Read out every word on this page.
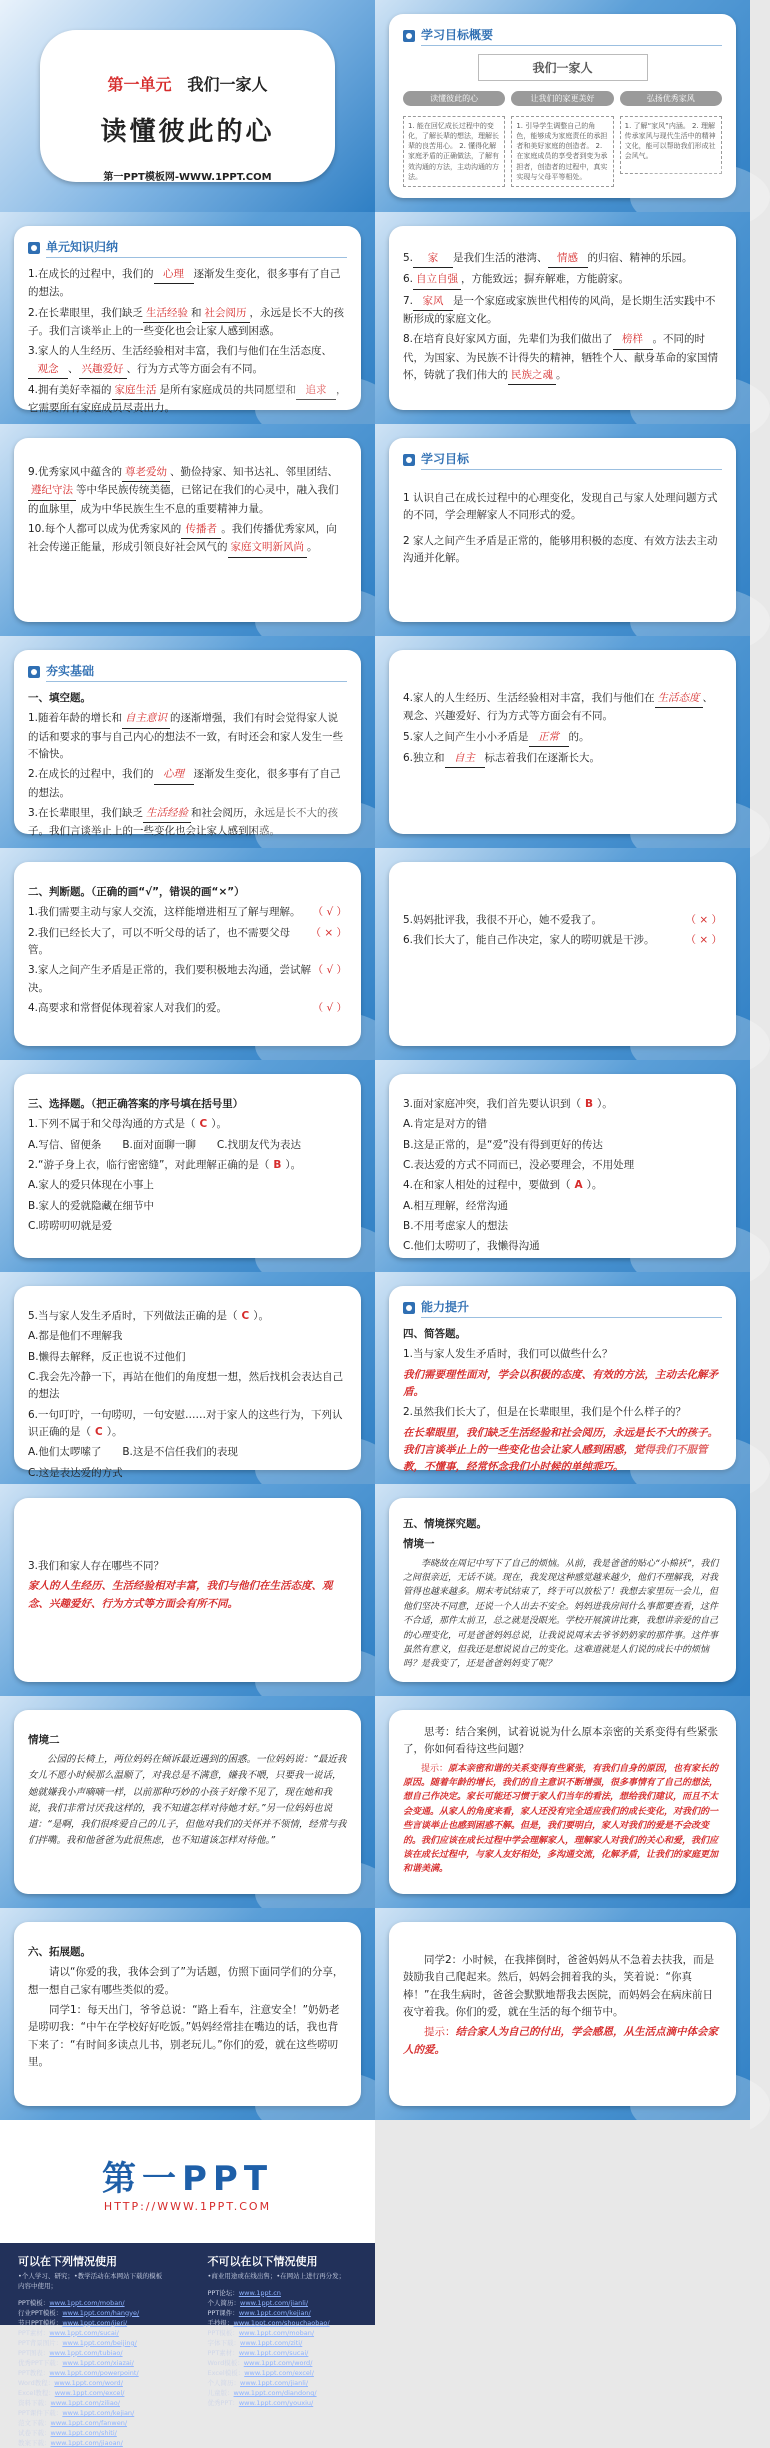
第一单元 我们一家人
读懂彼此的心
第一PPT模板网-WWW.1PPT.COM
学习目标概要
我们一家人
读懂彼此的心
1. 能在回忆成长过程中的变化，了解长辈的想法，理解长辈的良苦用心。 2. 懂得化解家庭矛盾的正确做法，了解有效沟通的方法，主动沟通的方法。
让我们的家更美好
1. 引导学生调整自己的角色，能够成为家庭责任的承担者和美好家庭的创造者。 2. 在家庭成员的享受者到变为承担者，创造者的过程中，真实实现与父母平等相处。
弘扬优秀家风
1. 了解“家风”内涵。 2. 理解传承家风与现代生活中的精神文化，能可以帮助我们形成社会风气。
单元知识归纳

1.在成长的过程中，我们的 心理 逐渐发生变化，很多事有了自己的想法。

2.在长辈眼里，我们缺乏 生活经验 和 社会阅历 ，永远是长不大的孩子。我们言谈举止上的一些变化也会让家人感到困惑。

3.家人的人生经历、生活经验相对丰富，我们与他们在生活态度、观念 、 兴趣爱好 、行为方式等方面会有不同。

4.拥有美好幸福的 家庭生活 是所有家庭成员的共同愿望和 追求 ，它需要所有家庭成员尽责出力。

5. 家 是我们生活的港湾、 情感 的归宿、精神的乐园。

6. 自立自强 ，方能致远；摒弃解难，方能蔚家。

7. 家风 是一个家庭或家族世代相传的风尚，是长期生活实践中不断形成的家庭文化。

8.在培育良好家风方面，先辈们为我们做出了 榜样 。不同的时代，为国家、为民族不计得失的精神，牺牲个人、献身革命的家国情怀，铸就了我们伟大的 民族之魂 。

9.优秀家风中蕴含的 尊老爱幼 、勤俭持家、知书达礼、邻里团结、遵纪守法 等中华民族传统美德，已铭记在我们的心灵中，融入我们的血脉里，成为中华民族生生不息的重要精神力量。

10.每个人都可以成为优秀家风的 传播者 。我们传播优秀家风，向社会传递正能量，形成引领良好社会风气的 家庭文明新风尚 。

学习目标

1 认识自己在成长过程中的心理变化，发现自己与家人处理问题方式的不同，学会理解家人不同形式的爱。

2 家人之间产生矛盾是正常的，能够用积极的态度、有效方法去主动沟通并化解。

夯实基础

一、填空题。

1.随着年龄的增长和 自主意识 的逐渐增强，我们有时会觉得家人说的话和要求的事与自己内心的想法不一致，有时还会和家人发生一些不愉快。

2.在成长的过程中，我们的 心理 逐渐发生变化，很多事有了自己的想法。

3.在长辈眼里，我们缺乏 生活经验 和社会阅历，永远是长不大的孩子。我们言谈举止上的一些变化也会让家人感到困惑。

4.家人的人生经历、生活经验相对丰富，我们与他们在 生活态度 、观念、兴趣爱好、行为方式等方面会有不同。

5.家人之间产生小小矛盾是 正常 的。

6.独立和 自主 标志着我们在逐渐长大。

二、判断题。（正确的画“√”，错误的画“×”）

（ √ ）
1.我们需要主动与家人交流，这样能增进相互了解与理解。

（ × ）
2.我们已经长大了，可以不听父母的话了，也不需要父母管。

（ √ ）
3.家人之间产生矛盾是正常的，我们要积极地去沟通，尝试解决。

（ √ ）
4.高要求和常督促体现着家人对我们的爱。

（ × ）
5.妈妈批评我，我很不开心，她不爱我了。

（ × ）
6.我们长大了，能自己作决定，家人的唠叨就是干涉。

三、选择题。（把正确答案的序号填在括号里）

1.下列不属于和父母沟通的方式是（ C ）。

A.写信、留便条　　B.面对面聊一聊　　C.找朋友代为表达

2.“游子身上衣，临行密密缝”，对此理解正确的是（ B ）。

A.家人的爱只体现在小事上

B.家人的爱就隐藏在细节中

C.唠唠叨叨就是爱

3.面对家庭冲突，我们首先要认识到（ B ）。

A.肯定是对方的错

B.这是正常的，是“爱”没有得到更好的传达

C.表达爱的方式不同而已，没必要理会，不用处理

4.在和家人相处的过程中，要做到（ A ）。

A.相互理解，经常沟通

B.不用考虑家人的想法

C.他们太唠叨了，我懒得沟通

5.当与家人发生矛盾时，下列做法正确的是（ C ）。

A.都是他们不理解我

B.懒得去解释，反正也说不过他们

C.我会先冷静一下，再站在他们的角度想一想，然后找机会表达自己的想法

6.一句叮咛，一句唠叨，一句安慰……对于家人的这些行为，下列认识正确的是（ C ）。

A.他们太啰嗦了　　B.这是不信任我们的表现

C.这是表达爱的方式

能力提升

四、简答题。

1.当与家人发生矛盾时，我们可以做些什么？

我们需要理性面对，学会以积极的态度、有效的方法，主动去化解矛盾。

2.虽然我们长大了，但是在长辈眼里，我们是个什么样子的？

在长辈眼里，我们缺乏生活经验和社会阅历，永远是长不大的孩子。我们言谈举止上的一些变化也会让家人感到困惑，觉得我们不服管教，不懂事，经常怀念我们小时候的单纯乖巧。

3.我们和家人存在哪些不同？

家人的人生经历、生活经验相对丰富，我们与他们在生活态度、观念、兴趣爱好、行为方式等方面会有所不同。

五、情境探究题。

情境一

李晓故在周记中写下了自己的烦恼。从前，我是爸爸的贴心“小棉袄”，我们之间很亲近，无话不谈。现在，我发现这种感觉越来越少，他们不理解我，对我管得也越来越多。期末考试结束了，终于可以放松了！我想去家里玩一会儿，但他们坚决不同意，还说一个人出去不安全。妈妈进我房间什么事都要查看，这件不合适，那件太前卫，总之就是没眼光。学校开展演讲比赛，我想讲亲爱的自己的心理变化，可是爸爸妈妈总说，让我说说周末去爷爷奶奶家的那件事。这件事虽然有意义，但我还是想说说自己的变化。这难道就是人们说的成长中的烦恼吗？是我变了，还是爸爸妈妈变了呢？

情境二

公园的长椅上，两位妈妈在倾诉最近遇到的困惑。一位妈妈说：“最近我女儿不愿小时候那么温顺了，对我总是不满意，嫌我不喂，只要我一说话，她就嫌我小声嘀嘀一样，以前那种巧妙的小孩子好像不见了，现在她和我说，我们非常讨厌我这样的，我不知道怎样对待她才好。”另一位妈妈也说道：“是啊，我们很疼爱自己的儿子，但他对我们的关怀并不领情，经常与我们拌嘴。我和他爸爸为此很焦虑，也不知道该怎样对待他。”

思考：结合案例，试着说说为什么原本亲密的关系变得有些紧张了，你如何看待这些问题？

提示：原本亲密和谐的关系变得有些紧张，有我们自身的原因，也有家长的原因。随着年龄的增长，我们的自主意识不断增强，很多事情有了自己的想法，想自己作决定。家长可能还习惯于家人们当年的看法，想给我们建议，而且不太会变通。从家人的角度来看，家人还没有完全适应我们的成长变化，对我们的一些言谈举止也感到困惑不解。但是，我们要明白，家人对我们的爱是不会改变的。我们应该在成长过程中学会理解家人，理解家人对我们的关心和爱，我们应该在成长过程中，与家人友好相处，多沟通交流，化解矛盾，让我们的家庭更加和谐美满。

六、拓展题。

请以“你爱的我，我体会到了”为话题，仿照下面同学们的分享，想一想自己家有哪些类似的爱。

同学1：每天出门，爷爷总说：“路上看车，注意安全！”奶奶老是唠叨我：“中午在学校好好吃饭。”妈妈经常挂在嘴边的话，我也背下来了：“有时间多读点儿书，别老玩儿。”你们的爱，就在这些唠叨里。

同学2：小时候，在我摔倒时，爸爸妈妈从不急着去扶我，而是鼓励我自己爬起来。然后，妈妈会拥着我的头，笑着说：“你真棒！”在我生病时，爸爸会默默地帮我去医院，而妈妈会在病床前日夜守着我。你们的爱，就在生活的每个细节中。

提示：结合家人为自己的付出，学会感恩，从生活点滴中体会家人的爱。

第一PPT
HTTP://WWW.1PPT.COM
可以在下列情况使用
•个人学习、研究；•教学活动在本网站下载的模板内容中使用；
PPT模板：www.1ppt.com/moban/
行业PPT模板：www.1ppt.com/hangye/
节日PPT模板：www.1ppt.com/jieri/
PPT素材：www.1ppt.com/sucai/
PPT背景图片：www.1ppt.com/beijing/
PPT图表：www.1ppt.com/tubiao/
优秀PPT下载：www.1ppt.com/xiazai/
PPT教程：www.1ppt.com/powerpoint/
Word教程：www.1ppt.com/word/
Excel教程：www.1ppt.com/excel/
资料下载：www.1ppt.com/ziliao/
PPT课件下载：www.1ppt.com/kejian/
范文下载：www.1ppt.com/fanwen/
试卷下载：www.1ppt.com/shiti/
教案下载：www.1ppt.com/jiaoan/
不可以在以下情况使用
•商业用途或在线出售；•在网站上进行再分发；
PPT论坛：www.1ppt.cn
个人简历：www.1ppt.com/jianli/
PPT课件：www.1ppt.com/kejian/
手抄报：www.1ppt.com/shouchaobao/
PPT模板：www.1ppt.com/moban/
字体下载：www.1ppt.com/ziti/
PPT素材：www.1ppt.com/sucai/
Word模板：www.1ppt.com/word/
Excel模板：www.1ppt.com/excel/
个人简历：www.1ppt.com/jianli/
儿童版：www.1ppt.com/diandong/
优秀PPT：www.1ppt.com/youxiu/
